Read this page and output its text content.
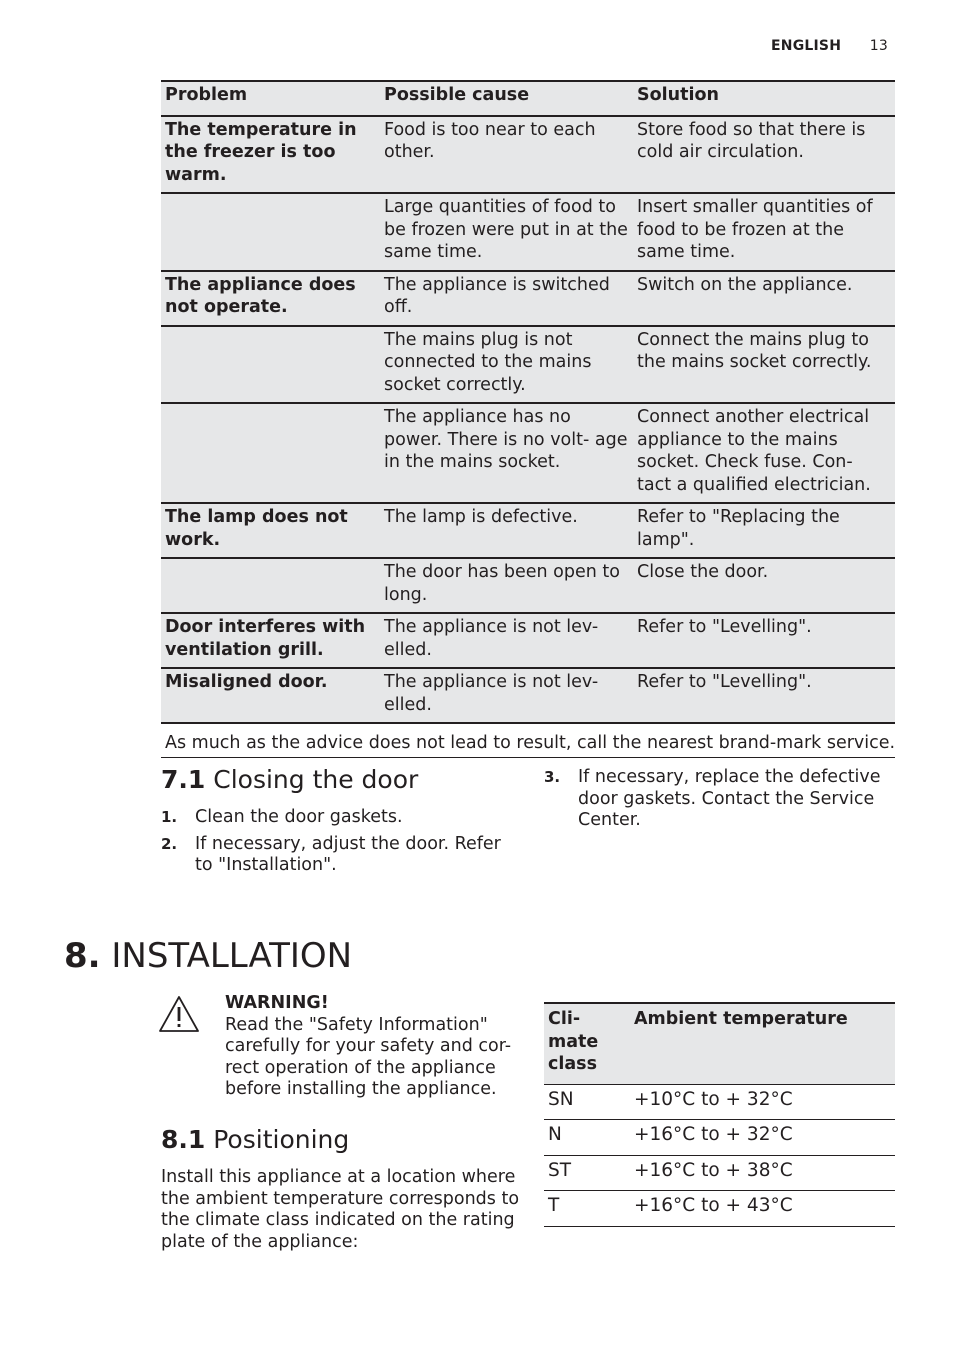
ENGLISH 13
Problem	Possible cause	Solution
The temperature in the freezer is too warm.	Food is too near to each other.	Store food so that there is cold air circulation.
	Large quantities of food to be frozen were put in at the same time.	Insert smaller quantities of food to be frozen at the same time.
The appliance does not operate.	The appliance is switched off.	Switch on the appliance.
	The mains plug is not connected to the mains socket correctly.	Connect the mains plug to the mains socket correctly.
	The appliance has no power. There is no volt- age in the mains socket.	Connect another electrical appliance to the mains socket. Check fuse. Con- tact a qualified electrician.
The lamp does not work.	The lamp is defective.	Refer to "Replacing the lamp".
	The door has been open to long.	Close the door.
Door interferes with ventilation grill.	The appliance is not lev- elled.	Refer to "Levelling".
Misaligned door.	The appliance is not lev- elled.	Refer to "Levelling".
As much as the advice does not lead to result, call the nearest brand-mark service.
7.1 Closing the door
1. Clean the door gaskets.
2. If necessary, adjust the door. Refer to "Installation".
3. If necessary, replace the defective door gaskets. Contact the Service Center.
8. INSTALLATION
WARNING!
Read the "Safety Information" carefully for your safety and cor- rect operation of the appliance before installing the appliance.
8.1 Positioning
Install this appliance at a location where the ambient temperature corresponds to the climate class indicated on the rating plate of the appliance:
Cli- mate class	Ambient temperature
SN	+10°C to + 32°C
N	+16°C to + 32°C
ST	+16°C to + 38°C
T	+16°C to + 43°C
